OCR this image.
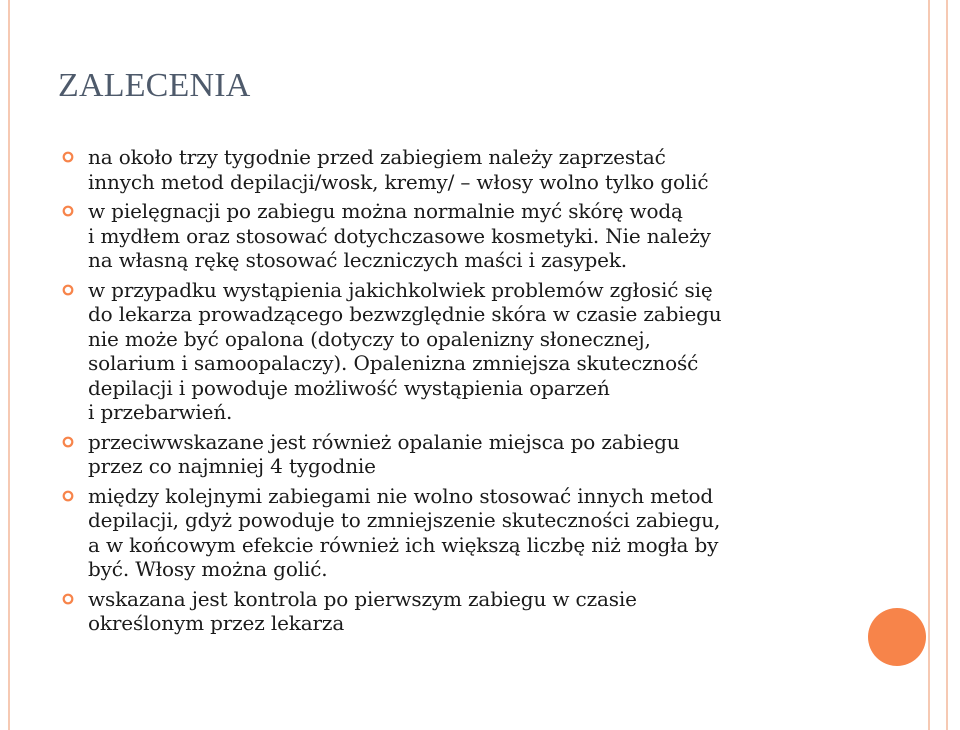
ZALECENIA

na około trzy tygodnie przed zabiegiem należy zaprzestać

innych metod depilacji/wosk, kremy/ – włosy wolno tylko golić

w pielęgnacji po zabiegu można normalnie myć skórę wodą

i mydłem oraz stosować dotychczasowe kosmetyki. Nie należy

na własną rękę stosować leczniczych maści i zasypek.

w przypadku wystąpienia jakichkolwiek problemów zgłosić się

do lekarza prowadzącego bezwzględnie skóra w czasie zabiegu

nie może być opalona (dotyczy to opalenizny słonecznej,

solarium i samoopalaczy). Opalenizna zmniejsza skuteczność

depilacji i powoduje możliwość wystąpienia oparzeń

i przebarwień.

przeciwwskazane jest również opalanie miejsca po zabiegu

przez co najmniej 4 tygodnie

między kolejnymi zabiegami nie wolno stosować innych metod

depilacji, gdyż powoduje to zmniejszenie skuteczności zabiegu,

a w końcowym efekcie również ich większą liczbę niż mogła by

być. Włosy można golić.

wskazana jest kontrola po pierwszym zabiegu w czasie

określonym przez lekarza
